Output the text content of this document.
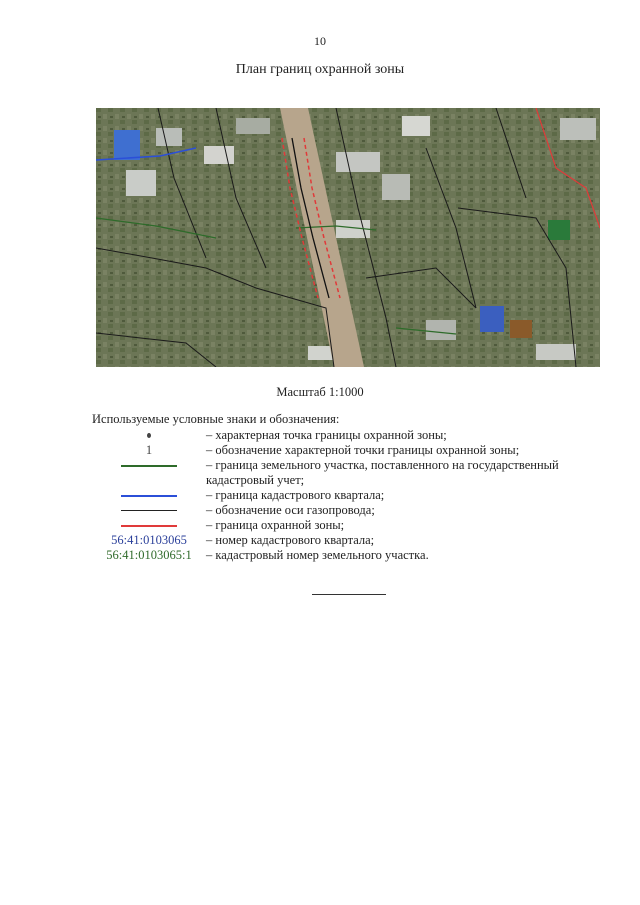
10
План границ охранной зоны
Масштаб 1:1000
Используемые условные знаки и обозначения:
– характерная точка границы охранной зоны;
1	– обозначение характерной точки границы охранной зоны;
– граница земельного участка, поставленного на государственный кадастровый учет;
– граница кадастрового квартала;
– обозначение оси газопровода;
– граница охранной зоны;
56:41:0103065 – номер кадастрового квартала;
56:41:0103065:1 – кадастровый номер земельного участка.
